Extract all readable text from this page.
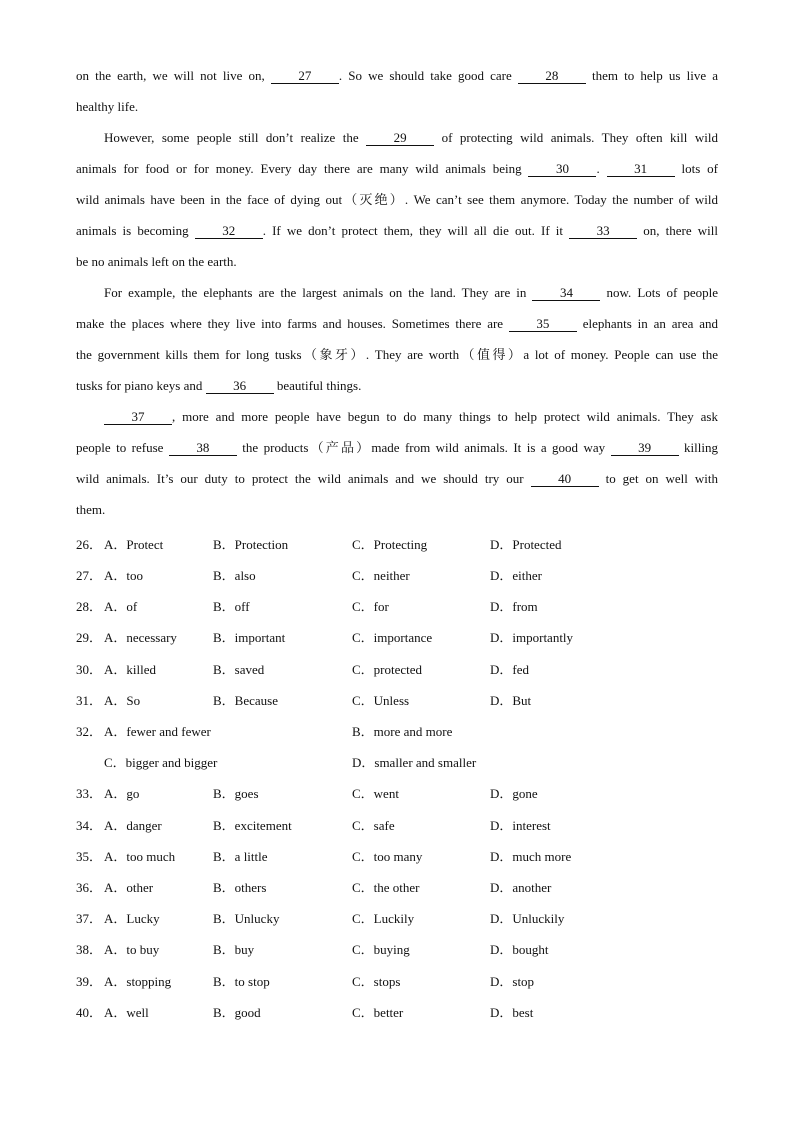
on the earth, we will not live on, 27 . So we should take good care 28 them to help us live a
healthy life.
However, some people still don’t realize the 29 of protecting wild animals. They often kill wild
animals for food or for money. Every day there are many wild animals being 30 . 31 lots of
wild animals have been in the face of dying out（灭绝）. We can’t see them anymore. Today the number of wild
animals is becoming 32 . If we don’t protect them, they will all die out. If it 33 on, there will
be no animals left on the earth.
For example, the elephants are the largest animals on the land. They are in 34 now. Lots of people
make the places where they live into farms and houses. Sometimes there are 35 elephants in an area and
the government kills them for long tusks（象牙）. They are worth（值得）a lot of money. People can use the
tusks for piano keys and 36 beautiful things.
37 , more and more people have begun to do many things to help protect wild animals. They ask
people to refuse 38 the products（产品）made from wild animals. It is a good way 39 killing
wild animals. It’s our duty to protect the wild animals and we should try our 40 to get on well with
them.
26． A．Protect	B．Protection	C．Protecting	D．Protected
27． A．too	B．also	C．neither	D．either
28． A．of	B．off	C．for	D．from
29． A．necessary	B．important	C．importance	D．importantly
30． A．killed	B．saved	C．protected	D．fed
31． A．So	B．Because	C．Unless	D．But
32． A．fewer and fewer	B．more and more
C．bigger and bigger	D．smaller and smaller
33． A．go	B．goes	C．went	D．gone
34． A．danger	B．excitement	C．safe	D．interest
35． A．too much	B．a little	C．too many	D．much more
36． A．other	B．others	C．the other	D．another
37． A．Lucky	B．Unlucky	C．Luckily	D．Unluckily
38． A．to buy	B．buy	C．buying	D．bought
39． A．stopping	B．to stop	C．stops	D．stop
40． A．well	B．good	C．better	D．best
